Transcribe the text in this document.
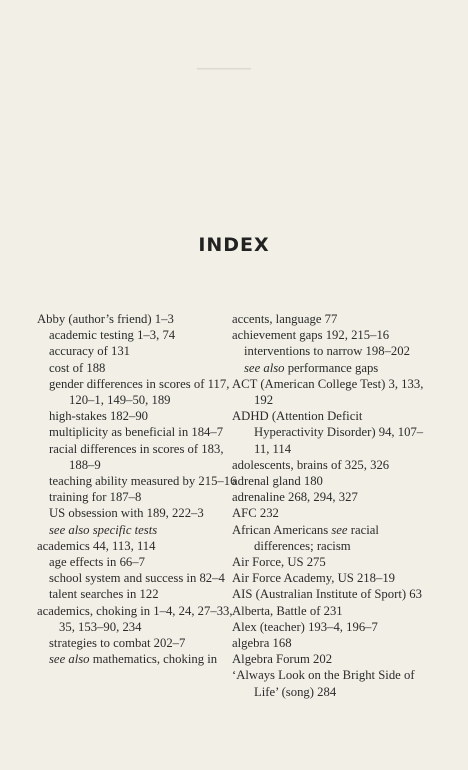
▁▁▁▁▁▁▁
INDEX
Abby (author’s friend) 1–3
academic testing 1–3, 74
accuracy of 131
cost of 188
gender differences in scores of 117, 120–1, 149–50, 189
high-stakes 182–90
multiplicity as beneficial in 184–7
racial differences in scores of 183, 188–9
teaching ability measured by 215–16
training for 187–8
US obsession with 189, 222–3
see also specific tests
academics 44, 113, 114
age effects in 66–7
school system and success in 82–4
talent searches in 122
academics, choking in 1–4, 24, 27–33, 35, 153–90, 234
strategies to combat 202–7
see also mathematics, choking in
accents, language 77
achievement gaps 192, 215–16
interventions to narrow 198–202
see also performance gaps
ACT (American College Test) 3, 133, 192
ADHD (Attention Deficit Hyperactivity Disorder) 94, 107–11, 114
adolescents, brains of 325, 326
adrenal gland 180
adrenaline 268, 294, 327
AFC 232
African Americans see racial differences; racism
Air Force, US 275
Air Force Academy, US 218–19
AIS (Australian Institute of Sport) 63
Alberta, Battle of 231
Alex (teacher) 193–4, 196–7
algebra 168
Algebra Forum 202
‘Always Look on the Bright Side of Life’ (song) 284
